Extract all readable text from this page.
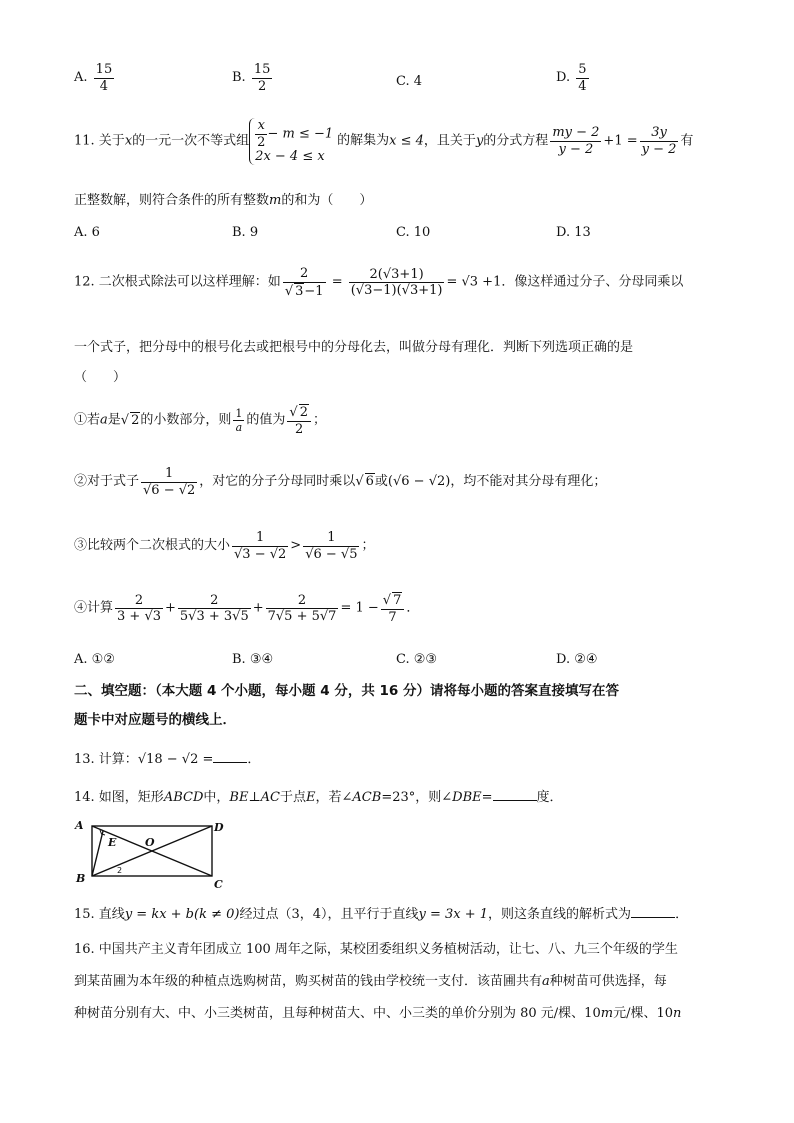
A. $\frac{15}{4}$	B. $\frac{15}{2}$	C. 4	D. $\frac{5}{4}$
11. 关于x的一元一次不等式组 $\frac{x}{2} - m \le -1$
2x − 4 ≤ x
的解集为x ≤ 4，且关于y的分式方程 $\frac{my - 2}{y - 2} +1 = \frac{3y}{y - 2}$ 有
正整数解，则符合条件的所有整数m的和为（　　）
A. 6	B. 9	C. 10	D. 13
12. 二次根式除法可以这样理解：如 $\frac{2}{√ 3-1} = \frac{2(√3+1)}{(√3-1)(√3+1)} = √3 +1$．像这样通过分子、分母同乘以
一个式子，把分母中的根号化去或把根号中的分母化去，叫做分母有理化．判断下列选项正确的是
（　　）
①若a是√ 2的小数部分，则 $\frac{1}{a}$ 的值为 $\frac{√ 2}{2}$ ；
②对于式子 $\frac{1}{√6 - √2}$ ，对它的分子分母同时乘以√ 6或(√6 − √2)，均不能对其分母有理化；
③比较两个二次根式的大小 $\frac{1}{√3 - √2} > \frac{1}{√6 - √5}$ ；
④计算 $\frac{2}{3 + √3} + \frac{2}{5√3 + 3√5} + \frac{2}{7√5 + 5√7} = 1 - \frac{√ 7}{7}$ ．
A. ①②	B. ③④	C. ②③	D. ②④
二、填空题：（本大题 4 个小题，每小题 4 分，共 16 分）请将每小题的答案直接填写在答
题卡中对应题号的横线上．
13. 计算：√18 − √2 =	．
14. 如图，矩形ABCD中，BE⊥AC于点E，若∠ACB=23°，则∠DBE=	度．
A
B	C
D
E	O
2
15. 直线y = kx + b(k ≠ 0)经过点（3，4），且平行于直线y = 3x + 1，则这条直线的解析式为	．
16. 中国共产主义青年团成立 100 周年之际，某校团委组织义务植树活动，让七、八、九三个年级的学生
到某苗圃为本年级的种植点选购树苗，购买树苗的钱由学校统一支付．该苗圃共有a种树苗可供选择，每
种树苗分别有大、中、小三类树苗，且每种树苗大、中、小三类的单价分别为 80 元/棵、10m元/棵、10n
